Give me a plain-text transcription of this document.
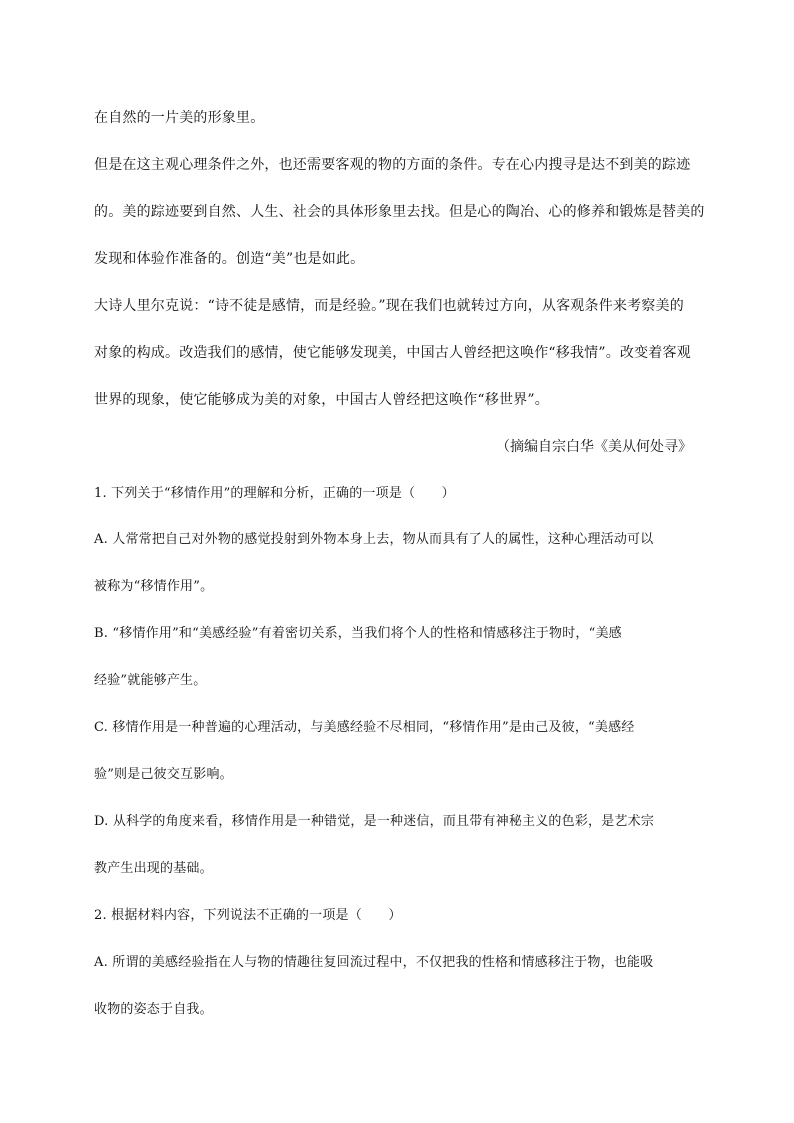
在自然的一片美的形象里。
但是在这主观心理条件之外，也还需要客观的物的方面的条件。专在心内搜寻是达不到美的踪迹
的。美的踪迹要到自然、人生、社会的具体形象里去找。但是心的陶冶、心的修养和锻炼是替美的
发现和体验作准备的。创造“美”也是如此。
大诗人里尔克说：“诗不徒是感情，而是经验。”现在我们也就转过方向，从客观条件来考察美的
对象的构成。改造我们的感情，使它能够发现美，中国古人曾经把这唤作“移我情”。改变着客观
世界的现象，使它能够成为美的对象，中国古人曾经把这唤作“移世界”。
（摘编自宗白华《美从何处寻》
1. 下列关于“移情作用”的理解和分析，正确的一项是（　　）
A. 人常常把自己对外物的感觉投射到外物本身上去，物从而具有了人的属性，这种心理活动可以
被称为“移情作用”。
B. “移情作用”和“美感经验”有着密切关系，当我们将个人的性格和情感移注于物时，“美感
经验”就能够产生。
C. 移情作用是一种普遍的心理活动，与美感经验不尽相同，“移情作用”是由己及彼，“美感经
验”则是己彼交互影响。
D. 从科学的角度来看，移情作用是一种错觉，是一种迷信，而且带有神秘主义的色彩，是艺术宗
教产生出现的基础。
2. 根据材料内容，下列说法不正确的一项是（　　）
A. 所谓的美感经验指在人与物的情趣往复回流过程中，不仅把我的性格和情感移注于物，也能吸
收物的姿态于自我。
